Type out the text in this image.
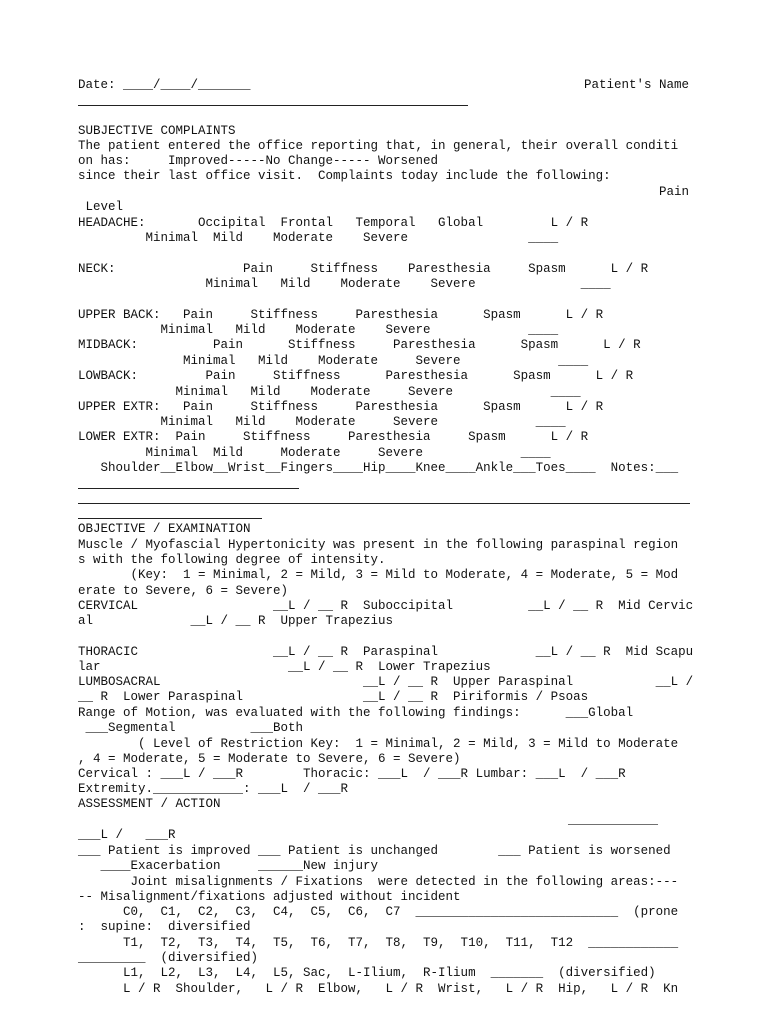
Date: ____/____/_______	Patient's Name
SUBJECTIVE COMPLAINTS
The patient entered the office reporting that, in general, their overall conditi
on has:     Improved-----No Change----- Worsened
since their last office visit.  Complaints today include the following:
Pain
Level
HEADACHE:       Occipital  Frontal   Temporal   Global         L / R
Minimal  Mild    Moderate    Severe                ____
NECK:                 Pain     Stiffness    Paresthesia     Spasm      L / R
Minimal   Mild    Moderate    Severe              ____
UPPER BACK:   Pain     Stiffness     Paresthesia      Spasm      L / R
Minimal   Mild    Moderate    Severe             ____
MIDBACK:          Pain      Stiffness     Paresthesia      Spasm      L / R
Minimal   Mild    Moderate     Severe             ____
LOWBACK:         Pain     Stiffness      Paresthesia      Spasm      L / R
Minimal   Mild    Moderate     Severe             ____
UPPER EXTR:   Pain     Stiffness     Paresthesia      Spasm      L / R
Minimal   Mild    Moderate     Severe             ____
LOWER EXTR:  Pain     Stiffness     Paresthesia     Spasm      L / R
Minimal  Mild     Moderate     Severe             ____
Shoulder__Elbow__Wrist__Fingers____Hip____Knee____Ankle___Toes____  Notes:___
OBJECTIVE / EXAMINATION
Muscle / Myofascial Hypertonicity was present in the following paraspinal region
s with the following degree of intensity.
(Key:  1 = Minimal, 2 = Mild, 3 = Mild to Moderate, 4 = Moderate, 5 = Mod
erate to Severe, 6 = Severe)
CERVICAL                  __L / __ R  Suboccipital          __L / __ R  Mid Cervic
al             __L / __ R  Upper Trapezius
THORACIC                  __L / __ R  Paraspinal             __L / __ R  Mid Scapu
lar                         __L / __ R  Lower Trapezius
LUMBOSACRAL                           __L / __ R  Upper Paraspinal           __L /
__ R  Lower Paraspinal                __L / __ R  Piriformis / Psoas
Range of Motion, was evaluated with the following findings:      ___Global
___Segmental          ___Both
( Level of Restriction Key:  1 = Minimal, 2 = Mild, 3 = Mild to Moderate
, 4 = Moderate, 5 = Moderate to Severe, 6 = Severe)
Cervical : ___L / ___R        Thoracic: ___L  / ___R Lumbar: ___L  / ___R
Extremity.____________: ___L  / ___R
ASSESSMENT / ACTION
____________
___L /   ___R
___ Patient is improved ___ Patient is unchanged        ___ Patient is worsened
____Exacerbation     ______New injury
Joint misalignments / Fixations  were detected in the following areas:---
-- Misalignment/fixations adjusted without incident
C0,  C1,  C2,  C3,  C4,  C5,  C6,  C7  ___________________________  (prone
:  supine:  diversified
T1,  T2,  T3,  T4,  T5,  T6,  T7,  T8,  T9,  T10,  T11,  T12  ____________
_________  (diversified)
L1,  L2,  L3,  L4,  L5, Sac,  L-Ilium,  R-Ilium  _______  (diversified)
L / R  Shoulder,   L / R  Elbow,   L / R  Wrist,   L / R  Hip,   L / R  Kn
